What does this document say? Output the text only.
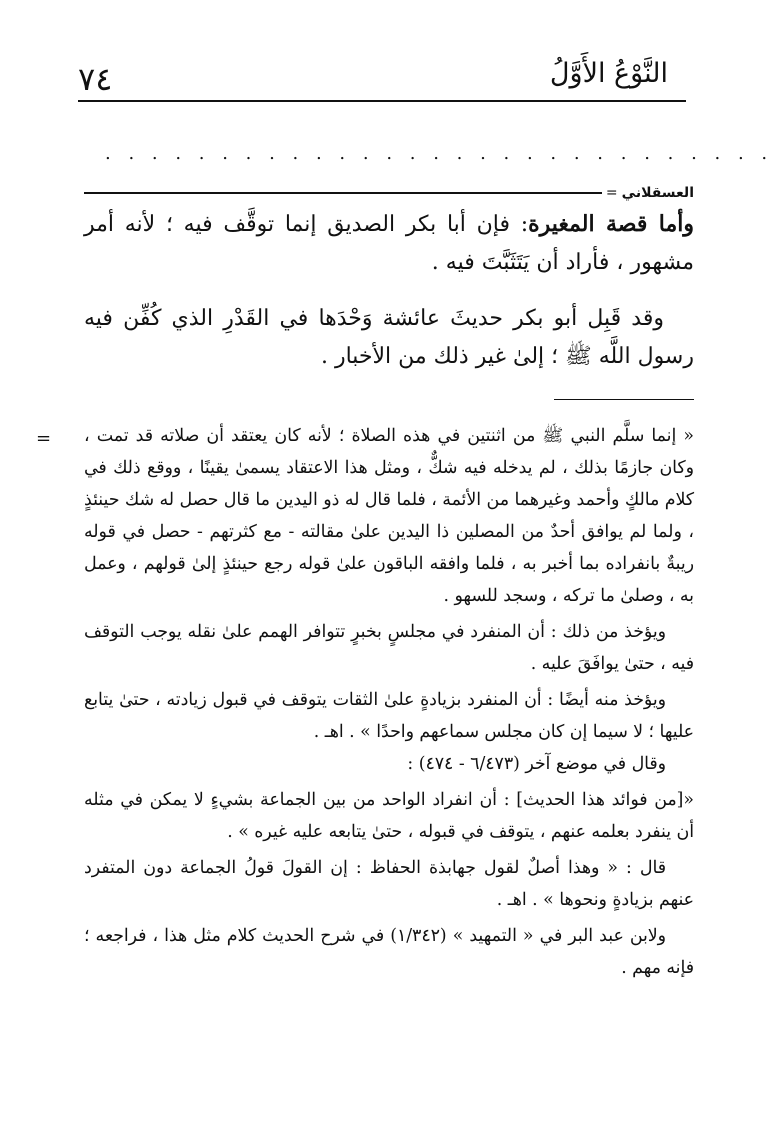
٧٤	النَّوْعُ الأَوَّلُ
. . . . . . . . . . . . . . . . . . . . . . . . . . . . .
العسقلاني
=

وأما قصة المغيرة: فإن أبا بكر الصديق إنما توقَّف فيه ؛ لأنه أمر مشهور ، فأراد أن يَتَثَبَّتَ فيه .

وقد قَبِل أبو بكر حديثَ عائشة وَحْدَها في القَدْرِ الذي كُفِّن فيه رسول اللَّه ﷺ ؛ إلىٰ غير ذلك من الأخبار .

= « إنما سلَّم النبي ﷺ من اثنتين في هذه الصلاة ؛ لأنه كان يعتقد أن صلاته قد تمت ، وكان جازمًا بذلك ، لم يدخله فيه شكٌّ ، ومثل هذا الاعتقاد يسمىٰ يقينًا ، ووقع ذلك في كلام مالكٍ وأحمد وغيرهما من الأئمة ، فلما قال له ذو اليدين ما قال حصل له شك حينئذٍ ، ولما لم يوافق أحدٌ من المصلين ذا اليدين علىٰ مقالته - مع كثرتهم - حصل في قوله ريبةٌ بانفراده بما أخبر به ، فلما وافقه الباقون علىٰ قوله رجع حينئذٍ إلىٰ قولهم ، وعمل به ، وصلىٰ ما تركه ، وسجد للسهو .

ويؤخذ من ذلك : أن المنفرد في مجلسٍ بخبرٍ تتوافر الهمم علىٰ نقله يوجب التوقف فيه ، حتىٰ يوافَقَ عليه .

ويؤخذ منه أيضًا : أن المنفرد بزيادةٍ علىٰ الثقات يتوقف في قبول زيادته ، حتىٰ يتابع عليها ؛ لا سيما إن كان مجلس سماعهم واحدًا » . اهـ .

وقال في موضع آخر (٦/٤٧٣ - ٤٧٤) :

«[من فوائد هذا الحديث] : أن انفراد الواحد من بين الجماعة بشيءٍ لا يمكن في مثله أن ينفرد بعلمه عنهم ، يتوقف في قبوله ، حتىٰ يتابعه عليه غيره » .

قال : « وهذا أصلٌ لقول جهابذة الحفاظ : إن القولَ قولُ الجماعة دون المتفرد عنهم بزيادةٍ ونحوها » . اهـ .

ولابن عبد البر في « التمهيد » (١/٣٤٢) في شرح الحديث كلام مثل هذا ، فراجعه ؛ فإنه مهم .
